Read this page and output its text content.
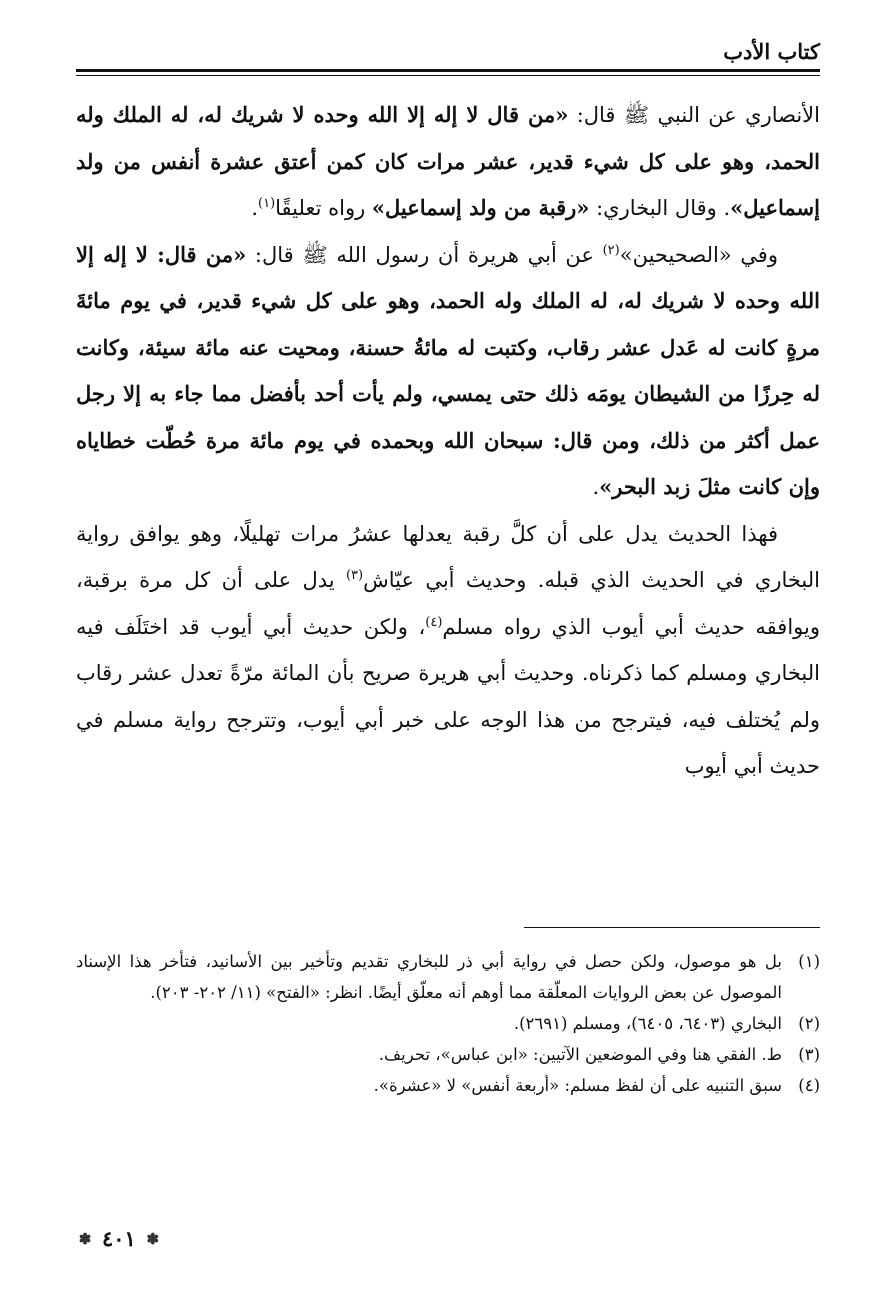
كتاب الأدب

الأنصاري عن النبي ﷺ قال: «من قال لا إله إلا الله وحده لا شريك له، له الملك وله الحمد، وهو على كل شيء قدير، عشر مرات كان كمن أعتق عشرة أنفس من ولد إسماعيل». وقال البخاري: «رقبة من ولد إسماعيل» رواه تعليقًا$^{(١)}$.

وفي «الصحيحين»$^{(٢)}$ عن أبي هريرة أن رسول الله ﷺ قال: «من قال: لا إله إلا الله وحده لا شريك له، له الملك وله الحمد، وهو على كل شيء قدير، في يوم مائةَ مرةٍ كانت له عَدل عشر رقاب، وكتبت له مائةُ حسنة، ومحيت عنه مائة سيئة، وكانت له حِرزًا من الشيطان يومَه ذلك حتى يمسي، ولم يأت أحد بأفضل مما جاء به إلا رجل عمل أكثر من ذلك، ومن قال: سبحان الله وبحمده في يوم مائة مرة حُطّت خطاياه وإن كانت مثلَ زبد البحر».

فهذا الحديث يدل على أن كلَّ رقبة يعدلها عشرُ مرات تهليلًا، وهو يوافق رواية البخاري في الحديث الذي قبله. وحديث أبي عيّاش$^{(٣)}$ يدل على أن كل مرة برقبة، ويوافقه حديث أبي أيوب الذي رواه مسلم$^{(٤)}$، ولكن حديث أبي أيوب قد اختَلَف فيه البخاري ومسلم كما ذكرناه. وحديث أبي هريرة صريح بأن المائة مرّةً تعدل عشر رقاب ولم يُختلف فيه، فيترجح من هذا الوجه على خبر أبي أيوب، وتترجح رواية مسلم في حديث أبي أيوب

(١)
بل هو موصول، ولكن حصل في رواية أبي ذر للبخاري تقديم وتأخير بين الأسانيد، فتأخر هذا الإسناد الموصول عن بعض الروايات المعلّقة مما أوهم أنه معلّق أيضًا. انظر: «الفتح» (١١/ ٢٠٢- ٢٠٣).
(٢)
البخاري (٦٤٠٣، ٦٤٠٥)، ومسلم (٢٦٩١).
(٣)
ط. الفقي هنا وفي الموضعين الآتيين: «ابن عباس»، تحريف.
(٤)
سبق التنبيه على أن لفظ مسلم: «أربعة أنفس» لا «عشرة».
✽ ٤٠١ ✽
